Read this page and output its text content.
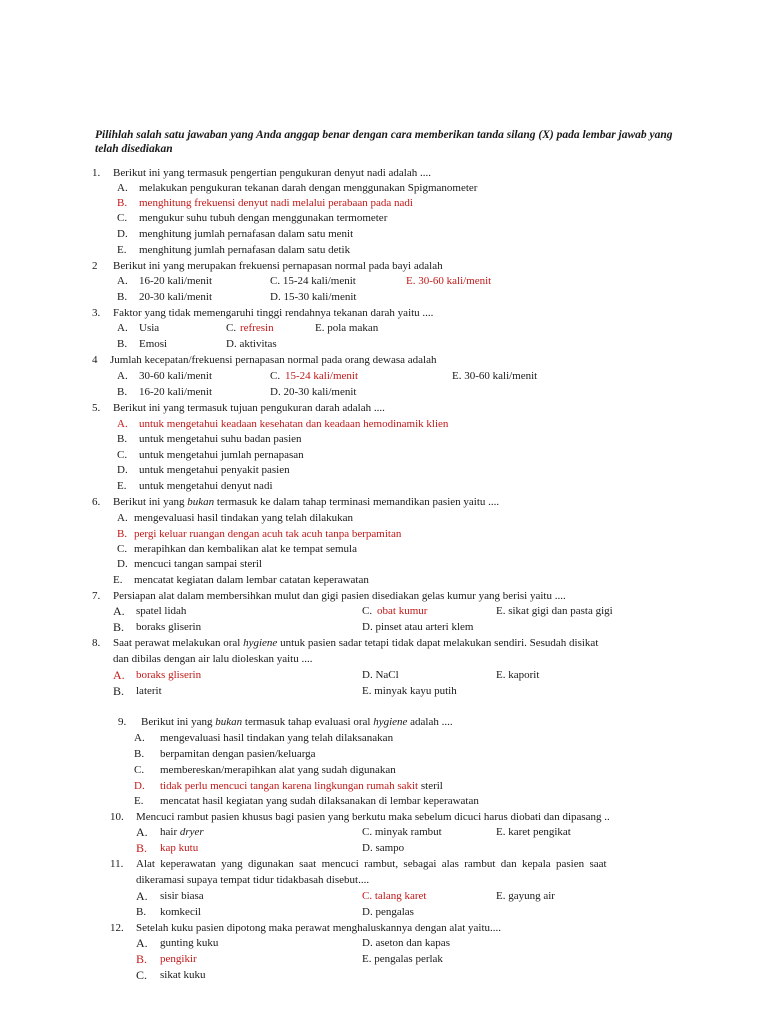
Pilihlah salah satu jawaban yang Anda anggap benar dengan cara memberikan tanda silang (X) pada lembar jawab yang telah disediakan
1. Berikut ini yang termasuk pengertian pengukuran denyut nadi adalah ....
A. melakukan pengukuran tekanan darah dengan menggunakan Spigmanometer
B. menghitung frekuensi denyut nadi melalui perabaan pada nadi
C. mengukur suhu tubuh dengan menggunakan termometer
D. menghitung jumlah pernafasan dalam satu menit
E. menghitung jumlah pernafasan dalam satu detik
2 Berikut ini yang merupakan frekuensi pernapasan normal pada bayi adalah
A. 16-20 kali/menit	C. 15-24 kali/menit	E. 30-60 kali/menit
B. 20-30 kali/menit	D. 15-30 kali/menit
3. Faktor yang tidak memengaruhi tinggi rendahnya tekanan darah yaitu ....
A. Usia	C. refresin	E. pola makan
B. Emosi	D. aktivitas
4 Jumlah kecepatan/frekuensi pernapasan normal pada orang dewasa adalah
A. 30-60 kali/menit	C. 15-24 kali/menit	E. 30-60 kali/menit
B. 16-20 kali/menit	D. 20-30 kali/menit
5. Berikut ini yang termasuk tujuan pengukuran darah adalah ....
A. untuk mengetahui keadaan kesehatan dan keadaan hemodinamik klien
B. untuk mengetahui suhu badan pasien
C. untuk mengetahui jumlah pernapasan
D. untuk mengetahui penyakit pasien
E. untuk mengetahui denyut nadi
6. Berikut ini yang bukan termasuk ke dalam tahap terminasi memandikan pasien yaitu ....
A. mengevaluasi hasil tindakan yang telah dilakukan
B. pergi keluar ruangan dengan acuh tak acuh tanpa berpamitan
C. merapihkan dan kembalikan alat ke tempat semula
D. mencuci tangan sampai steril
E. mencatat kegiatan dalam lembar catatan keperawatan
7. Persiapan alat dalam membersihkan mulut dan gigi pasien disediakan gelas kumur yang berisi yaitu ....
A. spatel lidah	C. obat kumur	E. sikat gigi dan pasta gigi
B. boraks gliserin	D. pinset atau arteri klem
8. Saat perawat melakukan oral hygiene untuk pasien sadar tetapi tidak dapat melakukan sendiri. Sesudah disikat
dan dibilas dengan air lalu dioleskan yaitu ....
A. boraks gliserin	D. NaCl	E. kaporit
B. laterit	E. minyak kayu putih
9. Berikut ini yang bukan termasuk tahap evaluasi oral hygiene adalah ....
A. mengevaluasi hasil tindakan yang telah dilaksanakan
B. berpamitan dengan pasien/keluarga
C. membereskan/merapihkan alat yang sudah digunakan
D. tidak perlu mencuci tangan karena lingkungan rumah sakit steril
E. mencatat hasil kegiatan yang sudah dilaksanakan di lembar keperawatan
10. Mencuci rambut pasien khusus bagi pasien yang berkutu maka sebelum dicuci harus diobati dan dipasang ..
A. hair dryer	C. minyak rambut	E. karet pengikat
B. kap kutu	D. sampo
11. Alat keperawatan yang digunakan saat mencuci rambut, sebagai alas rambut dan kepala pasien saat
dikeramasi supaya tempat tidur tidakbasah disebut....
A. sisir biasa	C. talang karet	E. gayung air
B. komkecil	D. pengalas
12. Setelah kuku pasien dipotong maka perawat menghaluskannya dengan alat yaitu....
A. gunting kuku	D. aseton dan kapas
B. pengikir	E. pengalas perlak
C. sikat kuku
